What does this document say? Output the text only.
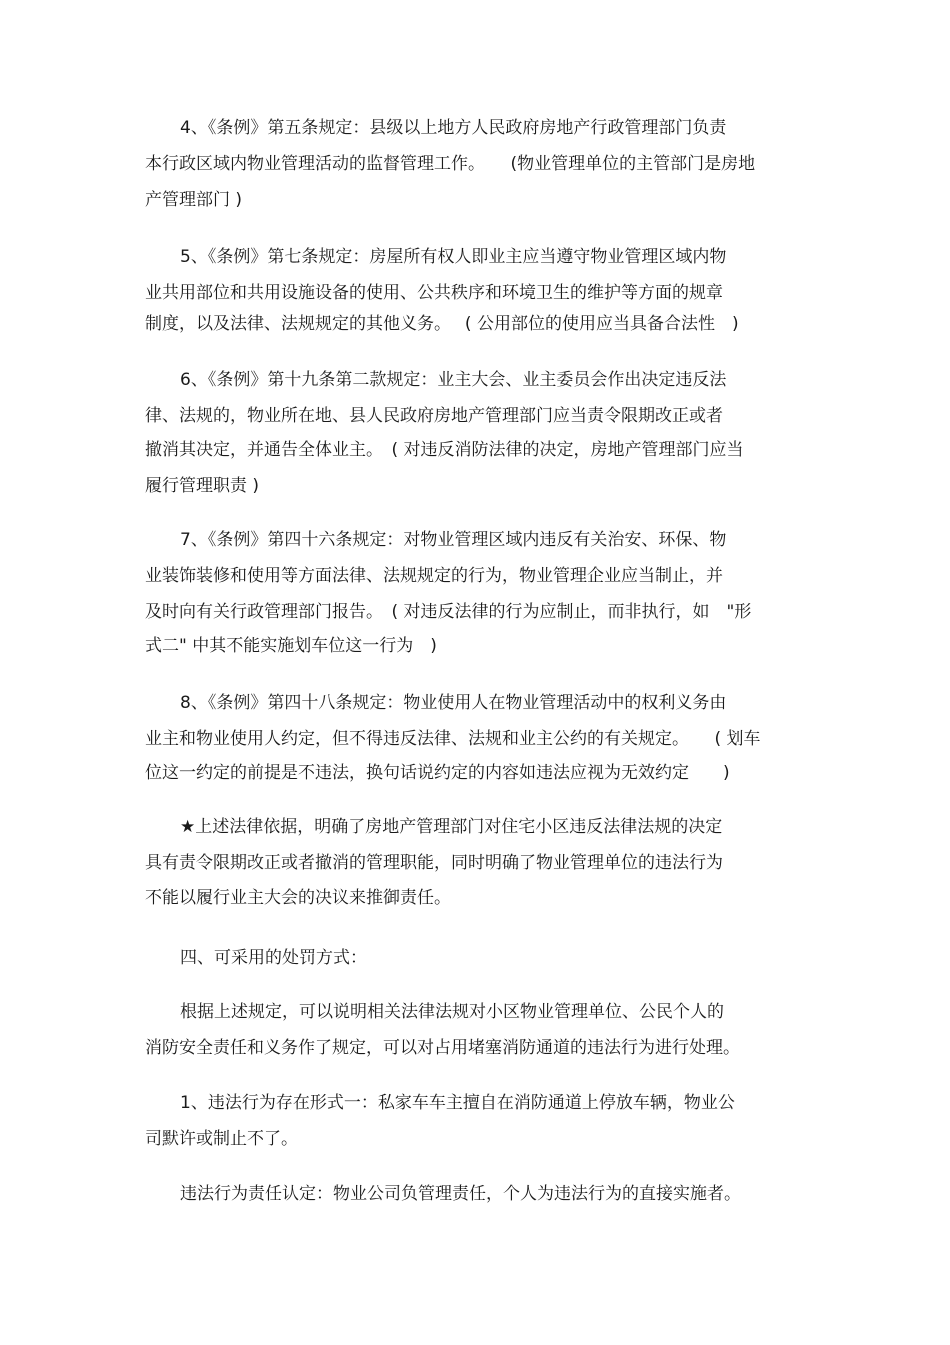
4、《条例》第五条规定：县级以上地方人民政府房地产行政管理部门负责

本行政区域内物业管理活动的监督管理工作。　　(物业管理单位的主管部门是房地

产管理部门 )

5、《条例》第七条规定：房屋所有权人即业主应当遵守物业管理区域内物

业共用部位和共用设施设备的使用、公共秩序和环境卫生的维护等方面的规章

制度，以及法律、法规规定的其他义务。　 ( 公用部位的使用应当具备合法性　)

6、《条例》第十九条第二款规定：业主大会、业主委员会作出决定违反法

律、法规的，物业所在地、县人民政府房地产管理部门应当责令限期改正或者

撤消其决定，并通告全体业主。　( 对违反消防法律的决定，房地产管理部门应当

履行管理职责 )

7、《条例》第四十六条规定：对物业管理区域内违反有关治安、环保、物

业装饰装修和使用等方面法律、法规规定的行为，物业管理企业应当制止，并

及时向有关行政管理部门报告。　( 对违反法律的行为应制止，而非执行，如　"形

式二" 中其不能实施划车位这一行为　)

8、《条例》第四十八条规定：物业使用人在物业管理活动中的权利义务由

业主和物业使用人约定，但不得违反法律、法规和业主公约的有关规定。　　( 划车

位这一约定的前提是不违法，换句话说约定的内容如违法应视为无效约定　　)

★上述法律依据，明确了房地产管理部门对住宅小区违反法律法规的决定

具有责令限期改正或者撤消的管理职能，同时明确了物业管理单位的违法行为

不能以履行业主大会的决议来推御责任。

四、可采用的处罚方式：

根据上述规定，可以说明相关法律法规对小区物业管理单位、公民个人的

消防安全责任和义务作了规定，可以对占用堵塞消防通道的违法行为进行处理。

1、违法行为存在形式一：私家车车主擅自在消防通道上停放车辆，物业公

司默许或制止不了。

违法行为责任认定：物业公司负管理责任，个人为违法行为的直接实施者。
